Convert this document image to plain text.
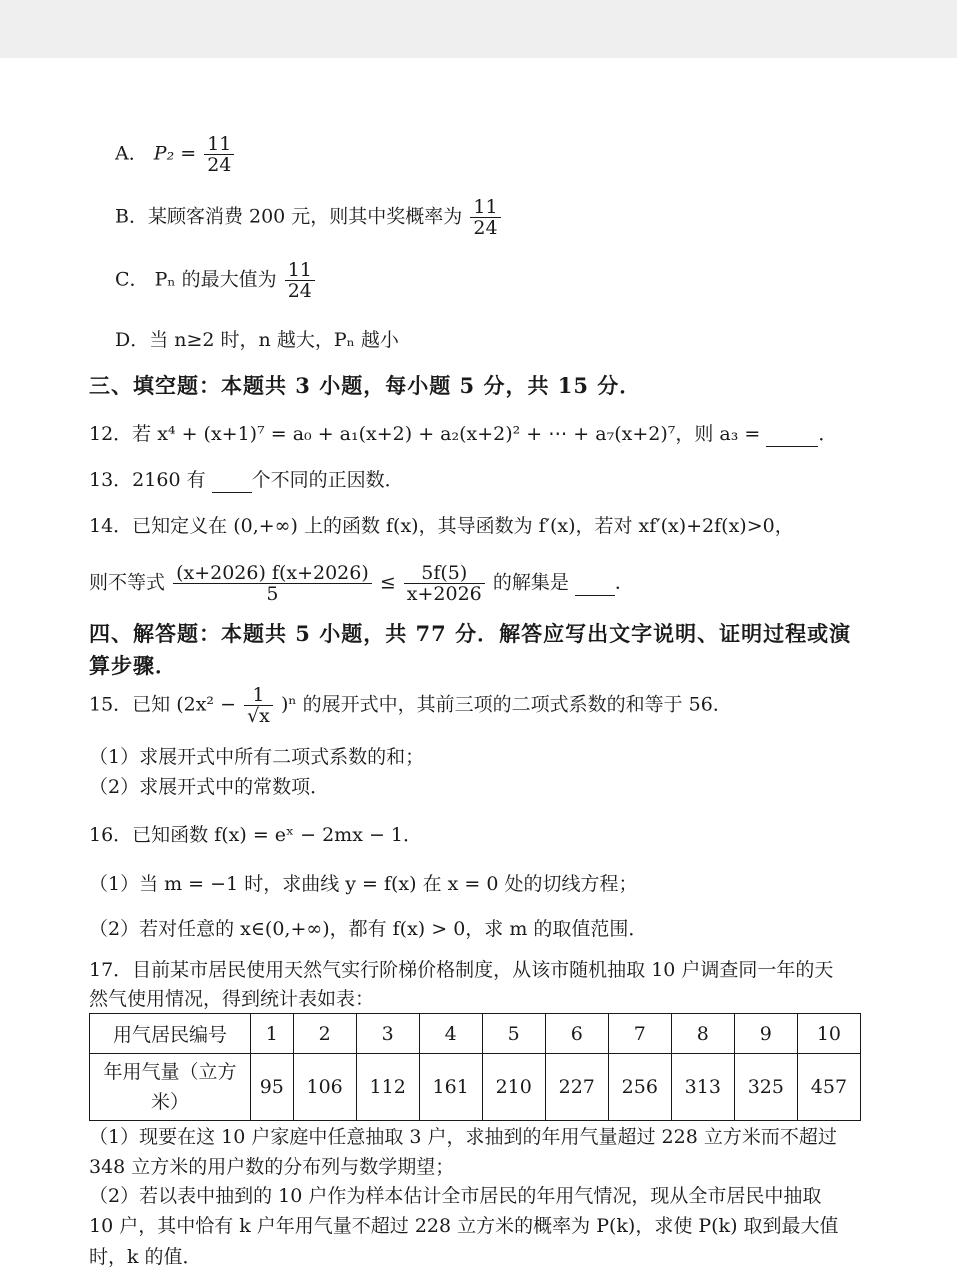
A． $P_2 = \frac{11}{24}$
B．某顾客消费 200 元，则其中奖概率为 $\frac{11}{24}$
C． Pₙ 的最大值为 $\frac{11}{24}$
D．当 n≥2 时，n 越大，Pₙ 越小
三、填空题：本题共 3 小题，每小题 5 分，共 15 分．
12．若 x⁴ + (x+1)⁷ = a₀ + a₁(x+2) + a₂(x+2)² + ⋯ + a₇(x+2)⁷，则 a₃ =	．
13．2160 有 个不同的正因数．
14．已知定义在 (0,+∞) 上的函数 f(x)，其导函数为 f′(x)，若对 xf′(x)+2f(x)>0，
则不等式 $\frac{(x+2026) f(x+2026)}{5} \le \frac{5f(5)}{x+2026}$ 的解集是 ．
四、解答题：本题共 5 小题，共 77 分．解答应写出文字说明、证明过程或演
算步骤．
15．已知 $(2x^2 - \frac{1}{√x} )^n$ 的展开式中，其前三项的二项式系数的和等于 56．
（1）求展开式中所有二项式系数的和；
（2）求展开式中的常数项．
16．已知函数 f(x) = eˣ − 2mx − 1．
（1）当 m = −1 时，求曲线 y = f(x) 在 x = 0 处的切线方程；
（2）若对任意的 x∈(0,+∞)，都有 f(x) > 0，求 m 的取值范围．
17．目前某市居民使用天然气实行阶梯价格制度，从该市随机抽取 10 户调查同一年的天
然气使用情况，得到统计表如表：
用气居民编号	1	2	3	4	5	6	7	8	9	10
年用气量（立方米）	95	106	112	161	210	227	256	313	325	457
（1）现要在这 10 户家庭中任意抽取 3 户，求抽到的年用气量超过 228 立方米而不超过
348 立方米的用户数的分布列与数学期望；
（2）若以表中抽到的 10 户作为样本估计全市居民的年用气情况，现从全市居民中抽取
10 户，其中恰有 k 户年用气量不超过 228 立方米的概率为 P(k)，求使 P(k) 取到最大值
时，k 的值．
